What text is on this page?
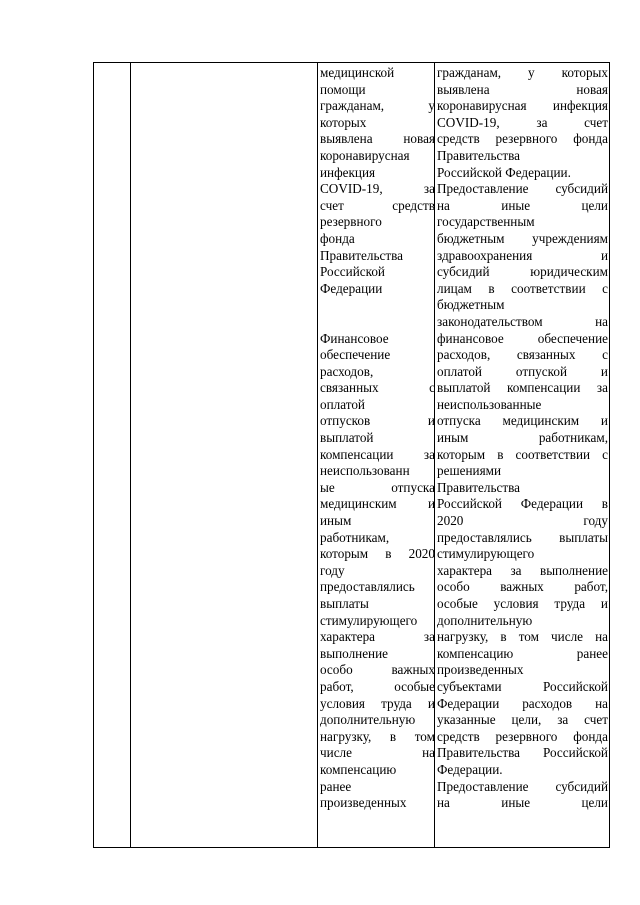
медицинской
помощи
гражданам, у
которых
выявлена новая
коронавирусная
инфекция
COVID-19, за
счет средств
резервного
фонда
Правительства
Российской
Федерации
Финансовое
обеспечение
расходов,
связанных с
оплатой
отпусков и
выплатой
компенсации за
неиспользованн
ые отпуска
медицинским и
иным
работникам,
которым в 2020
году
предоставлялись
выплаты
стимулирующего
характера за
выполнение
особо важных
работ, особые
условия труда и
дополнительную
нагрузку, в том
числе на
компенсацию
ранее
произведенных
гражданам, у которых
выявлена новая
коронавирусная инфекция
COVID-19, за счет
средств резервного фонда
Правительства
Российской Федерации.
Предоставление субсидий
на иные цели
государственным
бюджетным учреждениям
здравоохранения и
субсидий юридическим
лицам в соответствии с
бюджетным
законодательством на
финансовое обеспечение
расходов, связанных с
оплатой отпуской и
выплатой компенсации за
неиспользованные
отпуска медицинским и
иным работникам,
которым в соответствии с
решениями
Правительства
Российской Федерации в
2020 году
предоставлялись выплаты
стимулирующего
характера за выполнение
особо важных работ,
особые условия труда и
дополнительную
нагрузку, в том числе на
компенсацию ранее
произведенных
субъектами Российской
Федерации расходов на
указанные цели, за счет
средств резервного фонда
Правительства Российской
Федерации.
Предоставление субсидий
на иные цели
